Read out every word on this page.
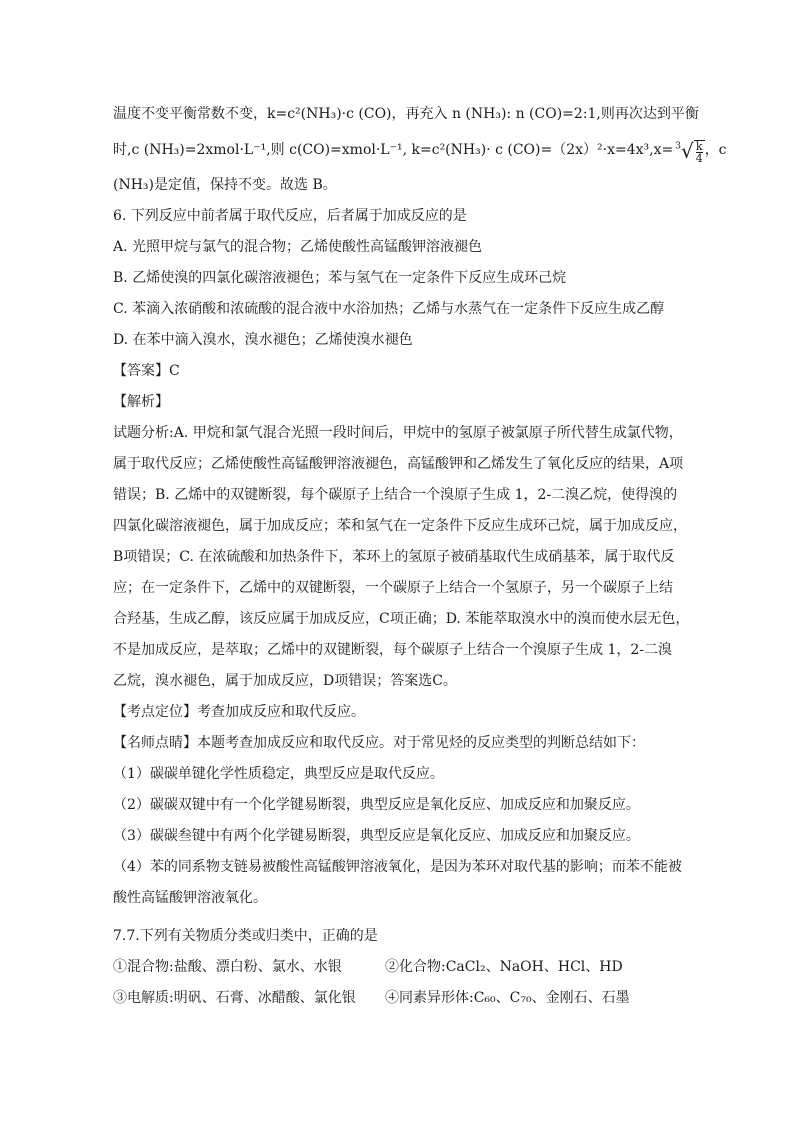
温度不变平衡常数不变，k=c²(NH₃)·c (CO)，再充入 n (NH₃): n (CO)=2:1,则再次达到平衡
时,c (NH₃)=2xmol·L⁻¹,则 c(CO)=xmol·L⁻¹, k=c²(NH₃)· c $(CO)=(2x)^2\cdot x=4x^3,x= ^3√ \frac{k}{4}$ ，c
(NH₃)是定值，保持不变。故选 B。
6. 下列反应中前者属于取代反应，后者属于加成反应的是
A. 光照甲烷与氯气的混合物；乙烯使酸性高锰酸钾溶液褪色
B. 乙烯使溴的四氯化碳溶液褪色；苯与氢气在一定条件下反应生成环己烷
C. 苯滴入浓硝酸和浓硫酸的混合液中水浴加热；乙烯与水蒸气在一定条件下反应生成乙醇
D. 在苯中滴入溴水，溴水褪色；乙烯使溴水褪色
【答案】C
【解析】
试题分析:A. 甲烷和氯气混合光照一段时间后，甲烷中的氢原子被氯原子所代替生成氯代物，
属于取代反应；乙烯使酸性高锰酸钾溶液褪色，高锰酸钾和乙烯发生了氧化反应的结果，A项
错误；B. 乙烯中的双键断裂，每个碳原子上结合一个溴原子生成 1，2-二溴乙烷，使得溴的
四氯化碳溶液褪色，属于加成反应；苯和氢气在一定条件下反应生成环己烷，属于加成反应，
B项错误；C. 在浓硫酸和加热条件下，苯环上的氢原子被硝基取代生成硝基苯，属于取代反
应；在一定条件下，乙烯中的双键断裂，一个碳原子上结合一个氢原子，另一个碳原子上结
合羟基，生成乙醇，该反应属于加成反应，C项正确；D. 苯能萃取溴水中的溴而使水层无色，
不是加成反应，是萃取；乙烯中的双键断裂，每个碳原子上结合一个溴原子生成 1，2-二溴
乙烷，溴水褪色，属于加成反应，D项错误；答案选C。
【考点定位】考查加成反应和取代反应。
【名师点睛】本题考查加成反应和取代反应。对于常见烃的反应类型的判断总结如下：
（1）碳碳单键化学性质稳定，典型反应是取代反应。
（2）碳碳双键中有一个化学键易断裂，典型反应是氧化反应、加成反应和加聚反应。
（3）碳碳叁键中有两个化学键易断裂，典型反应是氧化反应、加成反应和加聚反应。
（4）苯的同系物支链易被酸性高锰酸钾溶液氧化，是因为苯环对取代基的影响；而苯不能被
酸性高锰酸钾溶液氧化。
7.7.下列有关物质分类或归类中，正确的是
①混合物:盐酸、漂白粉、氯水、水银	②化合物:CaCl₂、NaOH、HCl、HD
③电解质:明矾、石膏、冰醋酸、氯化银 ④同素异形体:C₆₀、C₇₀、金刚石、石墨
